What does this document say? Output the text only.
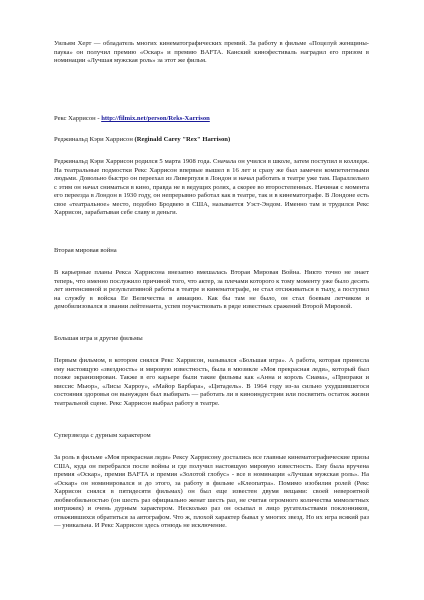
Уильям Херт — обладатель многих кинематографических премий. За работу в фильме «Поцелуй женщины-паука» он получил премию «Оскар» и премию BAFTA. Канский кинофестиваль наградил его призом в номинации «Лучшая мужская роль» за этот же фильм.

Рекс Харрисон - http://filmix.net/person/Reks-Xarrison

Реджинальд Кэри Харрисон (Reginald Carey "Rex" Harrison)

Реджинальд Кэри Харрисон родился 5 марта 1908 года. Сначала он учился в школе, затем поступил в колледж. На театральные подмостки Рекс Харрисон впервые вышел в 16 лет и сразу же был замечен компетентными людьми. Довольно быстро он переехал из Ливерпуля в Лондон и начал работать в театре уже там. Параллельно с этим он начал сниматься в кино, правда не в ведущих ролях, а скорее во второстепенных. Начиная с момента его переезда в Лондон в 1930 году, он непрерывно работал как в театре, так и в кинематографе. В Лондоне есть свое «театральное» место, подобно Бродвею в США, называется Уэст-Эндом. Именно там и трудился Рекс Харрисон, зарабатывая себе славу и деньги.

Вторая мировая война

В карьерные планы Рекса Харрисона внезапно вмешалась Вторая Мировая Война. Никто точно не знает теперь, что именно послужило причиной того, что актер, за плечами которого к тому моменту уже было десять лет интенсивной и результативной работы в театре и кинематографе, не стал отсиживаться в тылу, а поступил на службу в войска Ее Величества в авиацию. Как бы там не было, он стал боевым летчиком и демобилизовался в звании лейтенанта, успев поучаствовать в ряде известных сражений Второй Мировой.

Большая игра и другие фильмы

Первым фильмом, в котором снялся Рекс Харрисон, назывался «Большая игра». А работа, которая принесла ему настоящую «звездность» и мировую известность, была в мюзикле «Моя прекрасная леди», который был позже экранизирован. Также в его карьере были такие фильмы как «Анна и король Сиама», «Призраки и миссис Мьюр», «Лисы Харроу», «Майор Барбара», «Цитадель». В 1964 году из-за сильно ухудшившегося состояния здоровья он вынужден был выбирать — работать ли в киноиндустрии или посвятить остаток жизни театральной сцене. Рекс Харрисон выбрал работу в театре.

Суперзвезда с дурным характером

За роль в фильме «Моя прекрасная леди» Рексу Харрисону достались все главные кинематографические призы США, куда он перебрался после войны и где получил настоящую мировую известность. Ему была вручена премия «Оскар», премия BAFTA и премия «Золотой глобус» - все в номинации «Лучшая мужская роль». На «Оскар» он номинировался и до этого, за работу в фильме «Клеопатра». Помимо изобилия ролей (Рекс Харрисон снялся в пятидесяти фильмах) он был еще известен двумя вещами: своей невероятной любвеобильностью (он шесть раз официально женат шесть раз, не считая огромного количества мимолетных интрижек) и очень дурным характером. Несколько раз он осыпал в лицо ругательствами поклонников, отважившихся обратиться за автографом. Что ж, плохой характер бывал у многих звезд. Но их игра всякий раз — уникальна. И Рекс Харрисон здесь отнюдь не исключение.
